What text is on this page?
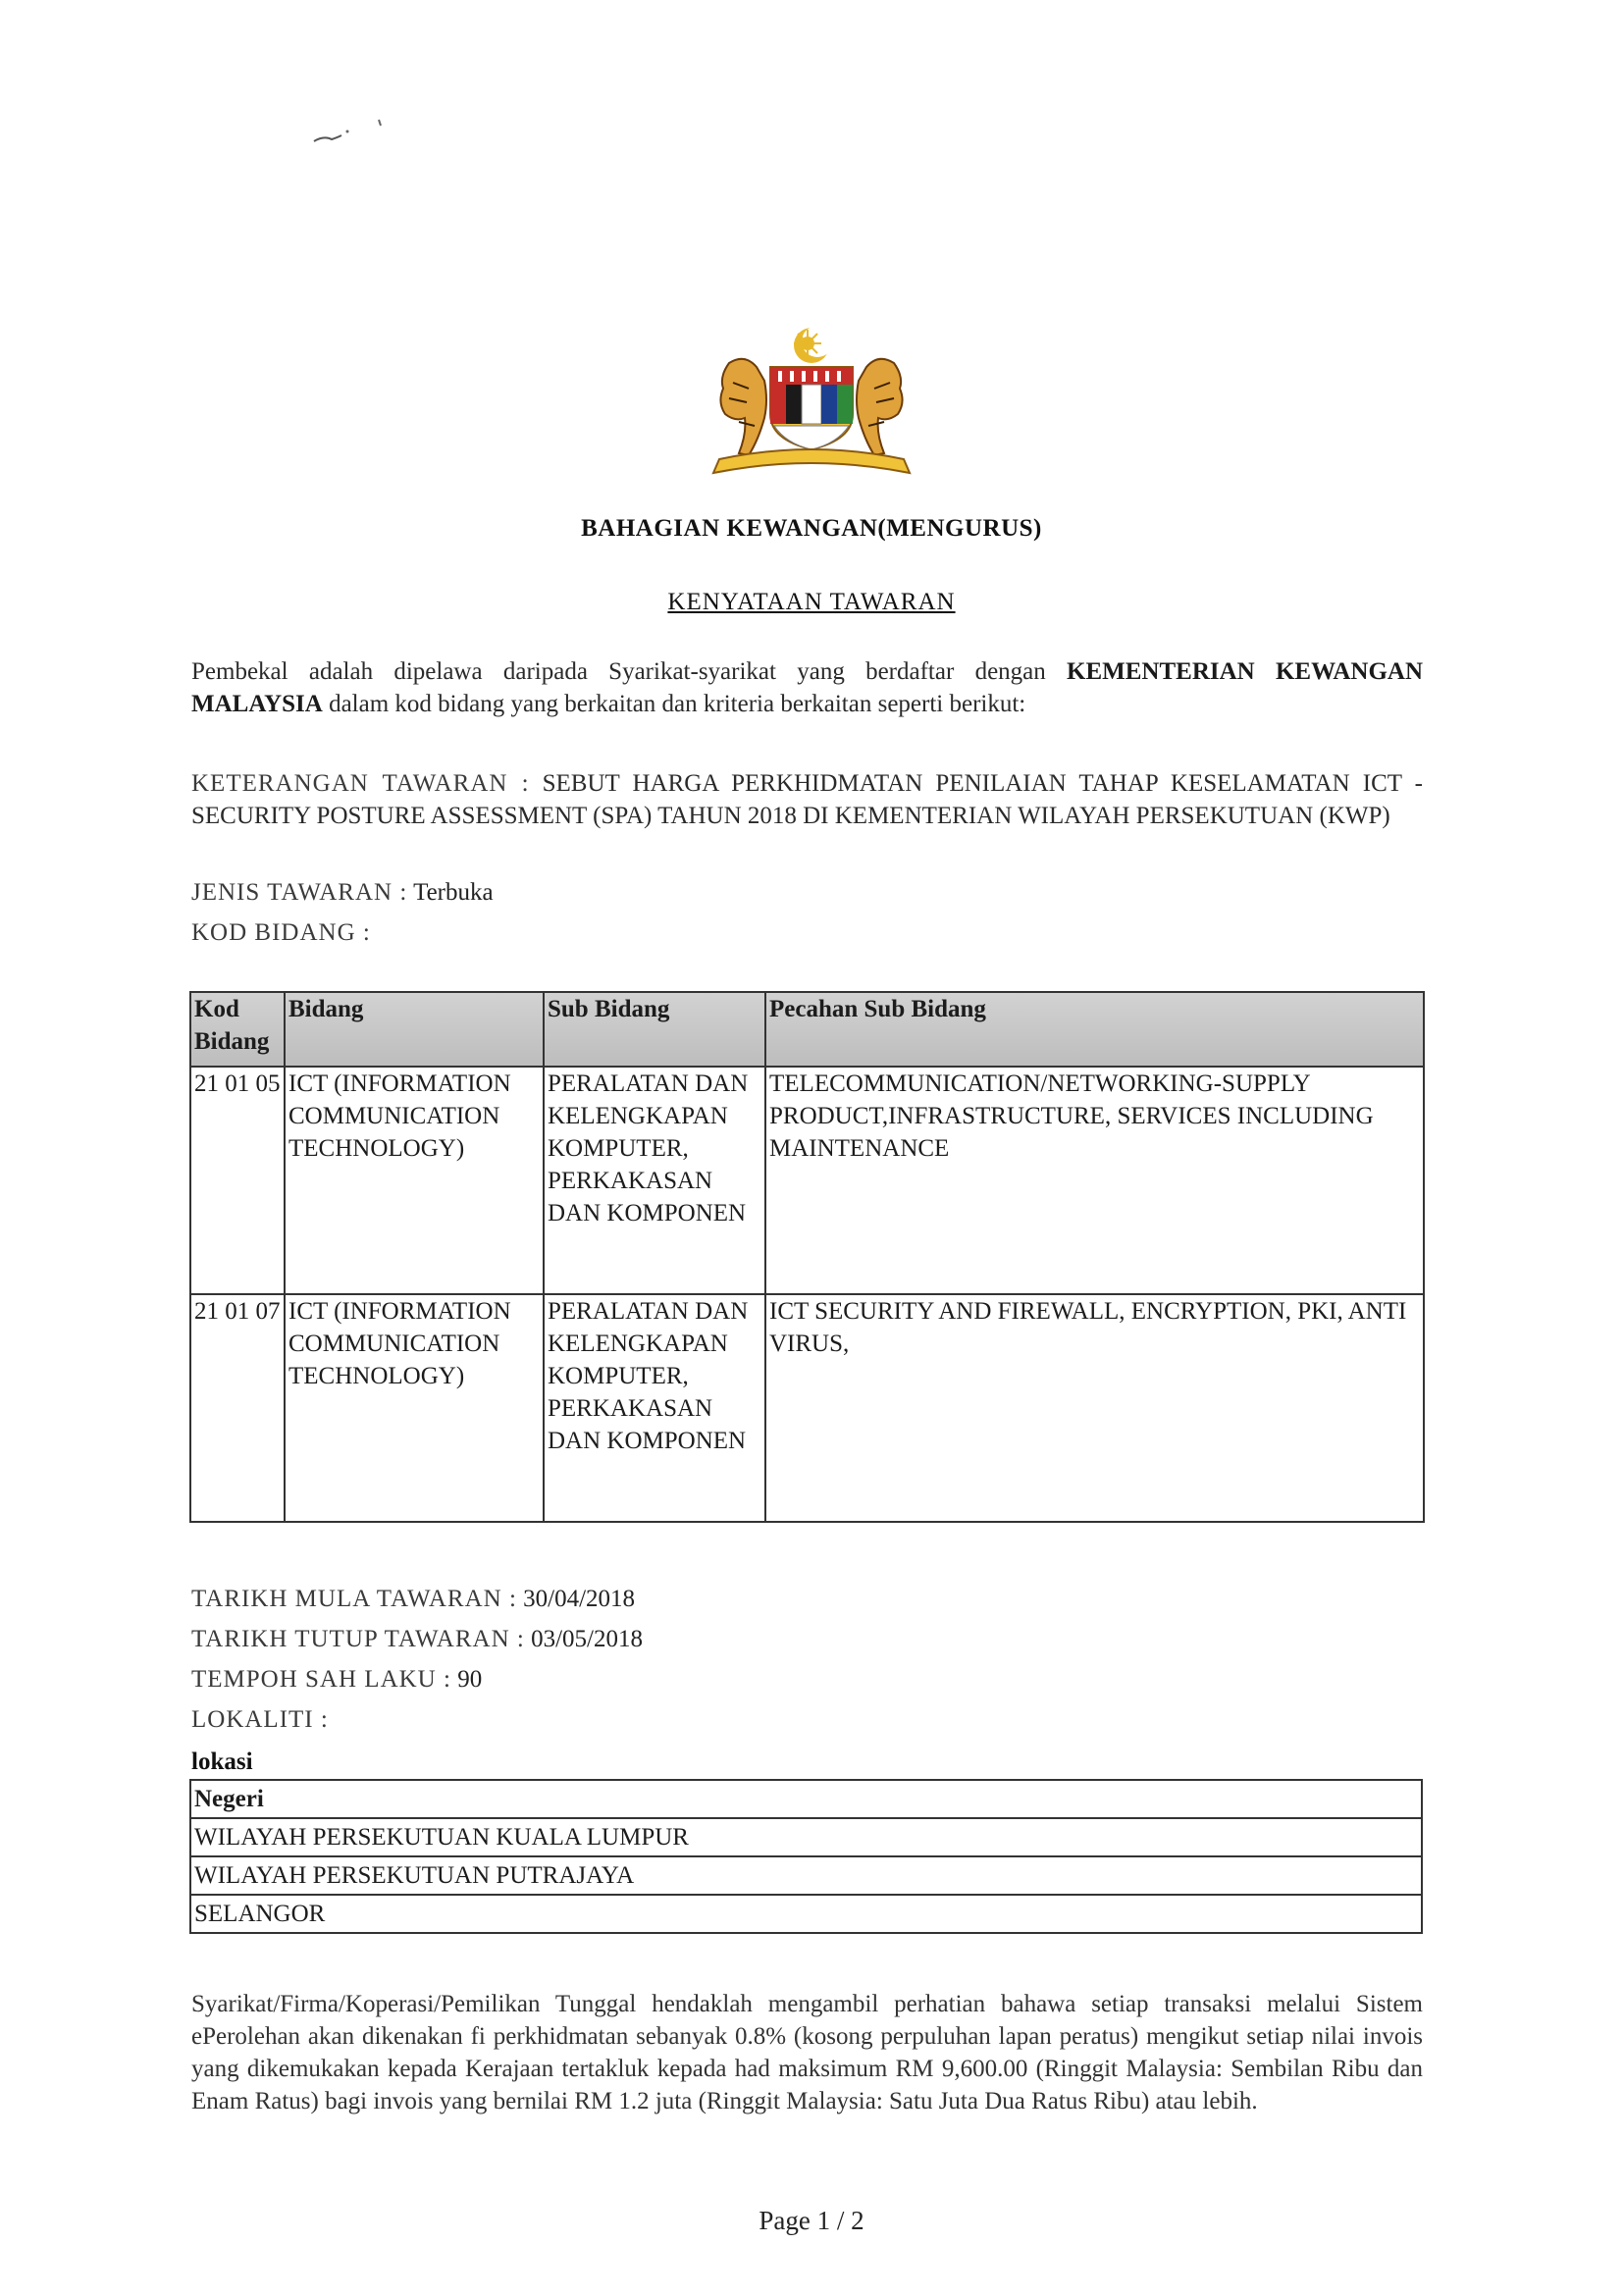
BAHAGIAN KEWANGAN(MENGURUS)
KENYATAAN TAWARAN
Pembekal adalah dipelawa daripada Syarikat-syarikat yang berdaftar dengan KEMENTERIAN KEWANGAN MALAYSIA dalam kod bidang yang berkaitan dan kriteria berkaitan seperti berikut:
KETERANGAN TAWARAN : SEBUT HARGA PERKHIDMATAN PENILAIAN TAHAP KESELAMATAN ICT - SECURITY POSTURE ASSESSMENT (SPA) TAHUN 2018 DI KEMENTERIAN WILAYAH PERSEKUTUAN (KWP)
JENIS TAWARAN : Terbuka
KOD BIDANG :
Kod Bidang	Bidang	Sub Bidang	Pecahan Sub Bidang
21 01 05	ICT (INFORMATION COMMUNICATION TECHNOLOGY)	PERALATAN DAN KELENGKAPAN KOMPUTER, PERKAKASAN DAN KOMPONEN	TELECOMMUNICATION/NETWORKING-SUPPLY PRODUCT,INFRASTRUCTURE, SERVICES INCLUDING MAINTENANCE
21 01 07	ICT (INFORMATION COMMUNICATION TECHNOLOGY)	PERALATAN DAN KELENGKAPAN KOMPUTER, PERKAKASAN DAN KOMPONEN	ICT SECURITY AND FIREWALL, ENCRYPTION, PKI, ANTI VIRUS,
TARIKH MULA TAWARAN : 30/04/2018
TARIKH TUTUP TAWARAN : 03/05/2018
TEMPOH SAH LAKU : 90
LOKALITI :
lokasi
Negeri
WILAYAH PERSEKUTUAN KUALA LUMPUR
WILAYAH PERSEKUTUAN PUTRAJAYA
SELANGOR
Syarikat/Firma/Koperasi/Pemilikan Tunggal hendaklah mengambil perhatian bahawa setiap transaksi melalui Sistem ePerolehan akan dikenakan fi perkhidmatan sebanyak 0.8% (kosong perpuluhan lapan peratus) mengikut setiap nilai invois yang dikemukakan kepada Kerajaan tertakluk kepada had maksimum RM 9,600.00 (Ringgit Malaysia: Sembilan Ribu dan Enam Ratus) bagi invois yang bernilai RM 1.2 juta (Ringgit Malaysia: Satu Juta Dua Ratus Ribu) atau lebih.
Page 1 / 2
